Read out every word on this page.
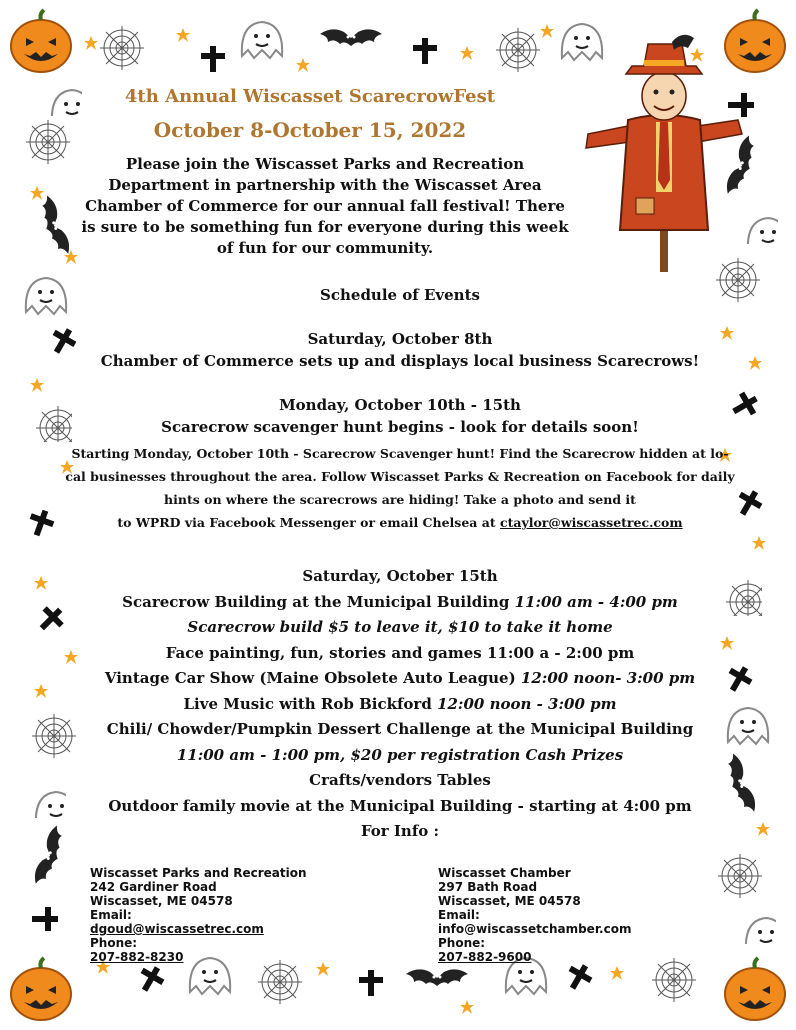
4th Annual Wiscasset ScarecrowFest
October 8-October 15, 2022
Please join the Wiscasset Parks and Recreation Department in partnership with the Wiscasset Area Chamber of Commerce for our annual fall festival! There is sure to be something fun for everyone during this week of fun for our community.
Schedule of Events
Saturday, October 8th
Chamber of Commerce sets up and displays local business Scarecrows!
Monday, October 10th - 15th
Scarecrow scavenger hunt begins - look for details soon!
Starting Monday, October 10th - Scarecrow Scavenger hunt! Find the Scarecrow hidden at lo-
cal businesses throughout the area. Follow Wiscasset Parks & Recreation on Facebook for daily
hints on where the scarecrows are hiding! Take a photo and send it
to WPRD via Facebook Messenger or email Chelsea at ctaylor@wiscassetrec.com
Saturday, October 15th
Scarecrow Building at the Municipal Building 11:00 am - 4:00 pm
Scarecrow build $5 to leave it, $10 to take it home
Face painting, fun, stories and games 11:00 a - 2:00 pm
Vintage Car Show (Maine Obsolete Auto League) 12:00 noon- 3:00 pm
Live Music with Rob Bickford 12:00 noon - 3:00 pm
Chili/ Chowder/Pumpkin Dessert Challenge at the Municipal Building
11:00 am - 1:00 pm, $20 per registration Cash Prizes
Crafts/vendors Tables
Outdoor family movie at the Municipal Building - starting at 4:00 pm
For Info :
Wiscasset Parks and Recreation
242 Gardiner Road
Wiscasset, ME 04578
Email:
dgoud@wiscassetrec.com
Phone:
207-882-8230
Wiscasset Chamber
297 Bath Road
Wiscasset, ME 04578
Email:
info@wiscassetchamber.com
Phone:
207-882-9600
